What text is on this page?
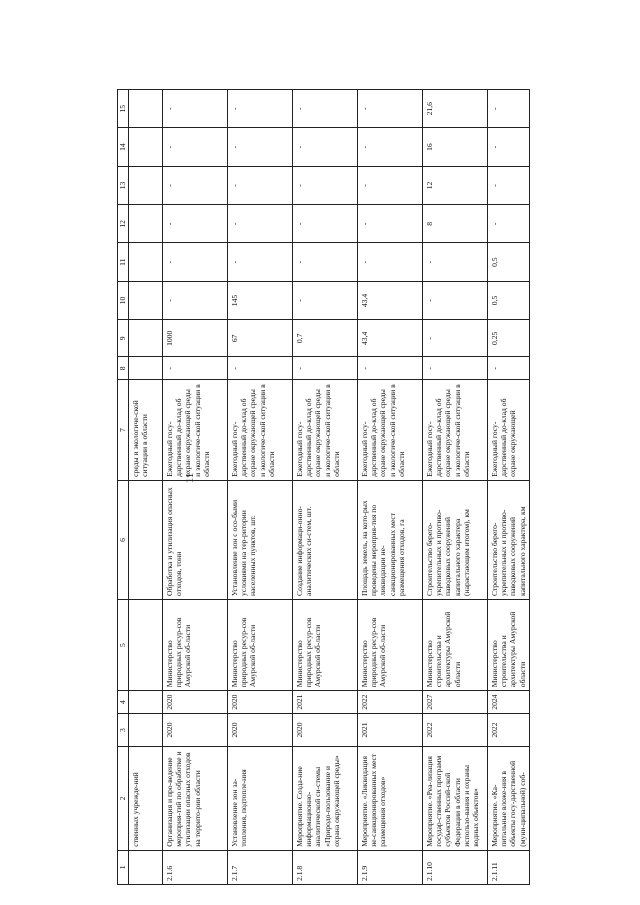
11
1	2	3	4	5	6	7	8	9	10	11	12	13	14	15
	ственных учрежде-ний					среды и экологиче-ской ситуации в области								
2.1.6	Организация и про-ведение мероприя-тий по обработке и утилизации опасных отходов на террито-рии области	2020	2020	Министерство природных ресур-сов Амурской об-ласти	Обработка и утилизация опасных отходов, тонн	Ежегодный госу-дарственный до-клад об охране окружающей среды и экологиче-ской ситуации в области	-	1000	-	-	-	-	-	-
2.1.7	Установление зон за-топления, подтопле-ния	2020	2020	Министерство природных ресур-сов Амурской об-ласти	Установление зон с осо-быми условиями на тер-ритории населенных пунктов, шт.	Ежегодный госу-дарственный до-клад об охране окружающей среды и экологиче-ской ситуации в области	-	67	145	-	-	-	-	-
2.1.8	Мероприятие. Созда-ние информационно-аналитической си-стемы «Природо-пользование и охрана окружающей среды»	2020	2021	Министерство природных ресур-сов Амурской об-ласти	Создание информаци-онно-аналитических си-стем, шт.	Ежегодный госу-дарственный до-клад об охране окружающей среды и экологиче-ской ситуации в области	-	0,7	-	-	-	-	-	-
2.1.9	Мероприятие. «Ликвидация не-санкционированных мест размещения отходов»	2021	2022	Министерство природных ресур-сов Амурской об-ласти	Площадь земель, на кото-рых проведены мероприя-тия по ликвидации не-санкционированных мест размещения отходов, га	Ежегодный госу-дарственный до-клад об охране окружающей среды и экологиче-ской ситуации в области	-	43,4	43,4	-	-	-	-	-
2.1.10	Мероприятие. «Реа-лизация государ-ственных программ субъектов Россий-ской Федерации в области использо-вания и охраны водных объектов»	2022	2027	Министерство строительства и архитектуры Амурской области	Строительство берего-укрепительных и противо-паводковых сооружений капитального характера (нарастающим итогом), км	Ежегодный госу-дарственный до-клад об охране окружающей среды и экологиче-ской ситуации в области	-	-	-	-	8	12	16	21,6
2.1.11	Мероприятие. «Ка-питальные вложе-ния в объекты госу-дарственной (муни-ципальной) соб-	2022	2024	Министерство строительства и архитектуры Амурской области	Строительство берего-укрепительных и противо-паводковых сооружений капитального характера, км	Ежегодный госу-дарственный до-клад об охране окружающей	-	0,25	0,5	0,5	-	-	-	-
